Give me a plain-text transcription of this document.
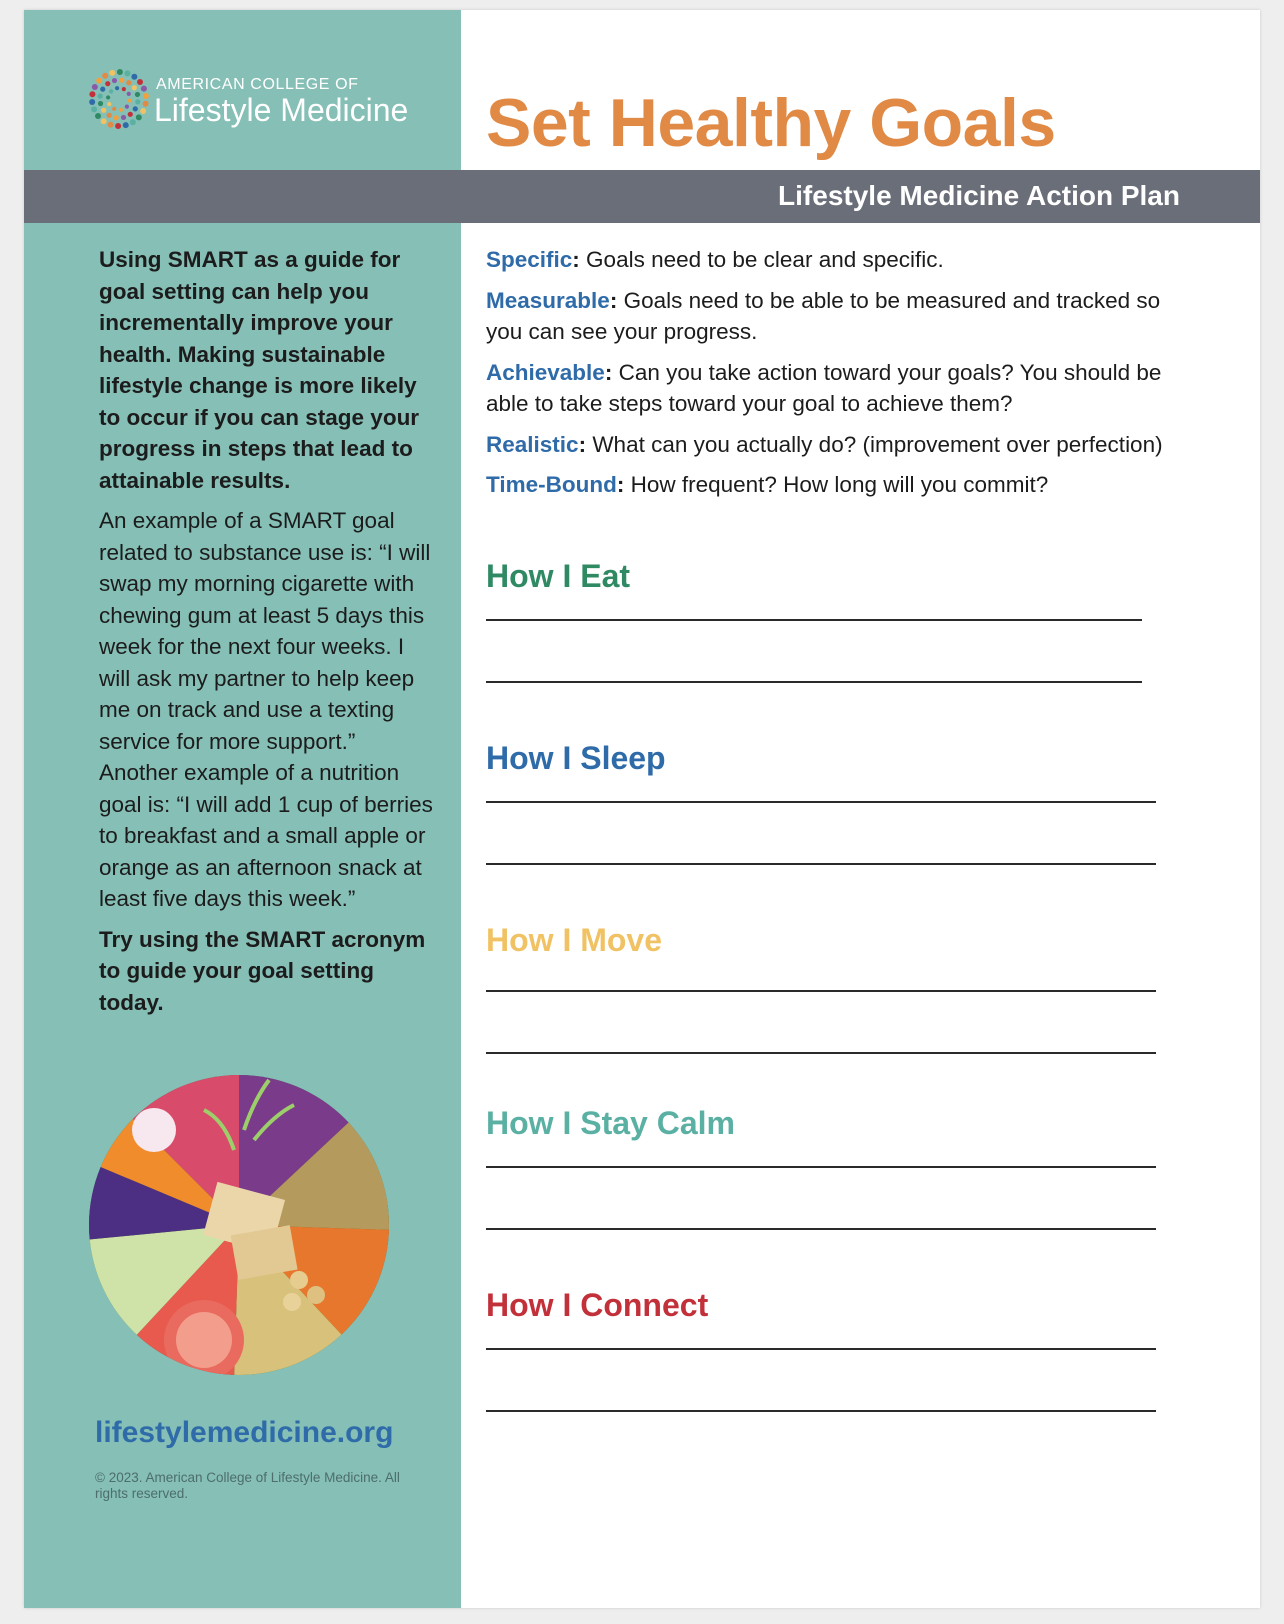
AMERICAN COLLEGE OF
Lifestyle Medicine

Using SMART as a guide for goal setting can help you incrementally improve your health. Making sustainable lifestyle change is more likely to occur if you can stage your progress in steps that lead to attainable results.

An example of a SMART goal related to substance use is: “I will swap my morning cigarette with chewing gum at least 5 days this week for the next four weeks. I will ask my partner to help keep me on track and use a texting service for more support.” Another example of a nutrition goal is: “I will add 1 cup of berries to breakfast and a small apple or orange as an afternoon snack at least five days this week.”

Try using the SMART acronym to guide your goal setting today.

lifestylemedicine.org
© 2023. American College of Lifestyle Medicine. All rights reserved.
Set Healthy Goals
Lifestyle Medicine Action Plan

Specific: Goals need to be clear and specific.

Measurable: Goals need to be able to be measured and tracked so you can see your progress.

Achievable: Can you take action toward your goals? You should be able to take steps toward your goal to achieve them?

Realistic: What can you actually do? (improvement over perfection)

Time-Bound: How frequent? How long will you commit?

How I Eat
How I Sleep
How I Move
How I Stay Calm
How I Connect
